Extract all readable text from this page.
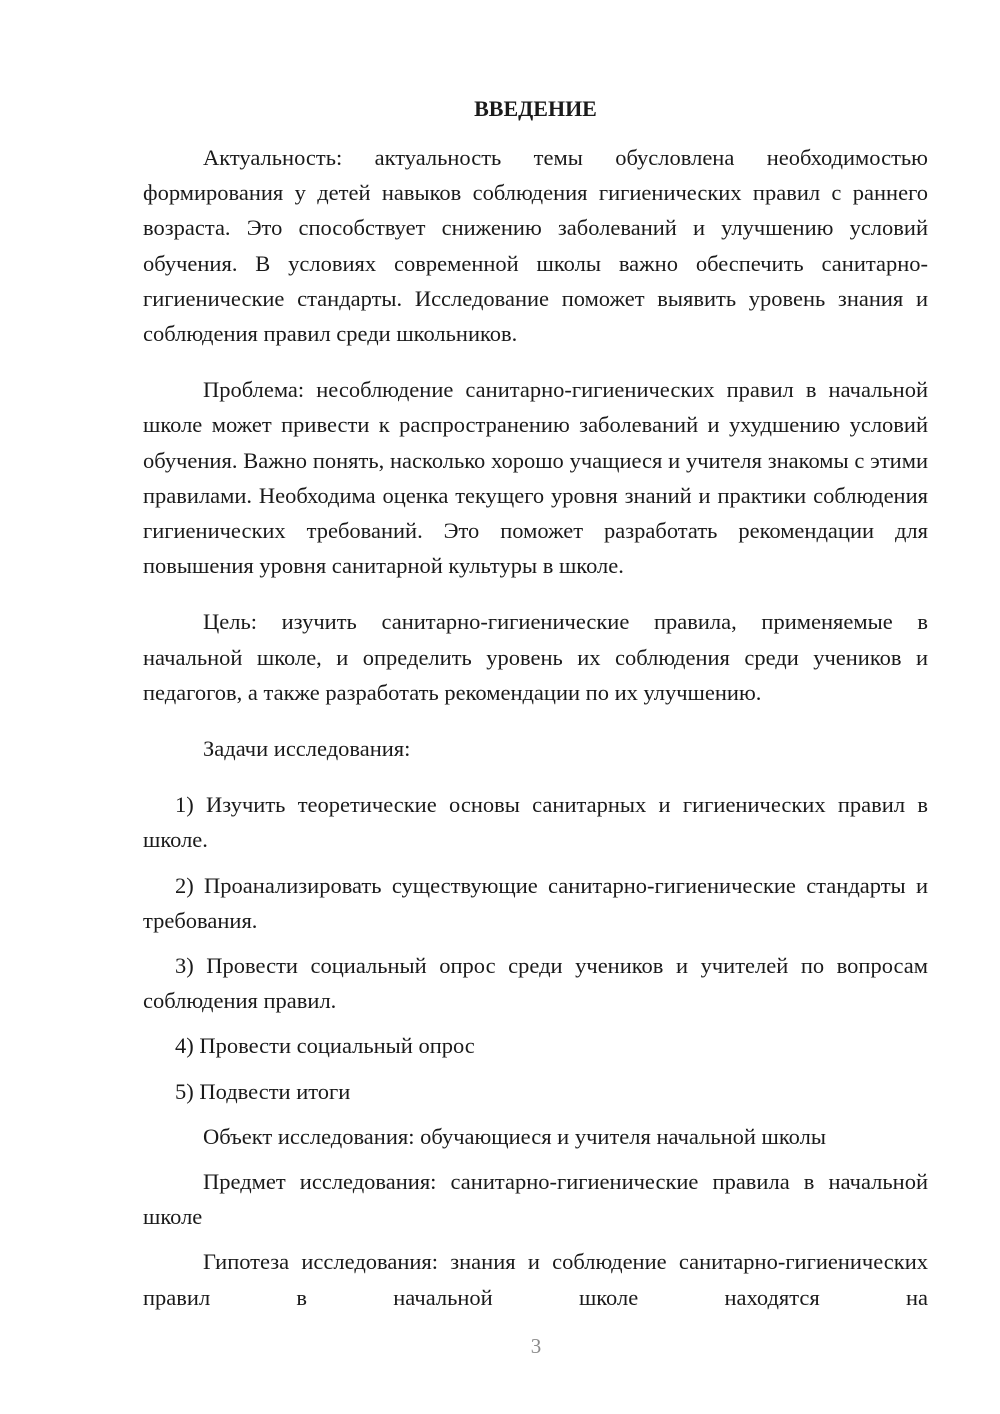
ВВЕДЕНИЕ

Актуальность: актуальность темы обусловлена необходимостью формирования у детей навыков соблюдения гигиенических правил с раннего возраста. Это способствует снижению заболеваний и улучшению условий обучения. В условиях современной школы важно обеспечить санитарно-гигиенические стандарты. Исследование поможет выявить уровень знания и соблюдения правил среди школьников.

Проблема: несоблюдение санитарно-гигиенических правил в начальной школе может привести к распространению заболеваний и ухудшению условий обучения. Важно понять, насколько хорошо учащиеся и учителя знакомы с этими правилами. Необходима оценка текущего уровня знаний и практики соблюдения гигиенических требований. Это поможет разработать рекомендации для повышения уровня санитарной культуры в школе.

Цель: изучить санитарно-гигиенические правила, применяемые в начальной школе, и определить уровень их соблюдения среди учеников и педагогов, а также разработать рекомендации по их улучшению.

Задачи исследования:

1) Изучить теоретические основы санитарных и гигиенических правил в школе.

2) Проанализировать существующие санитарно-гигиенические стандарты и требования.

3) Провести социальный опрос среди учеников и учителей по вопросам соблюдения правил.

4) Провести социальный опрос

5) Подвести итоги

Объект исследования: обучающиеся и учителя начальной школы

Предмет исследования: санитарно-гигиенические правила в начальной школе

Гипотеза исследования: знания и соблюдение санитарно-гигиенических правил в начальной школе находятся на

3
